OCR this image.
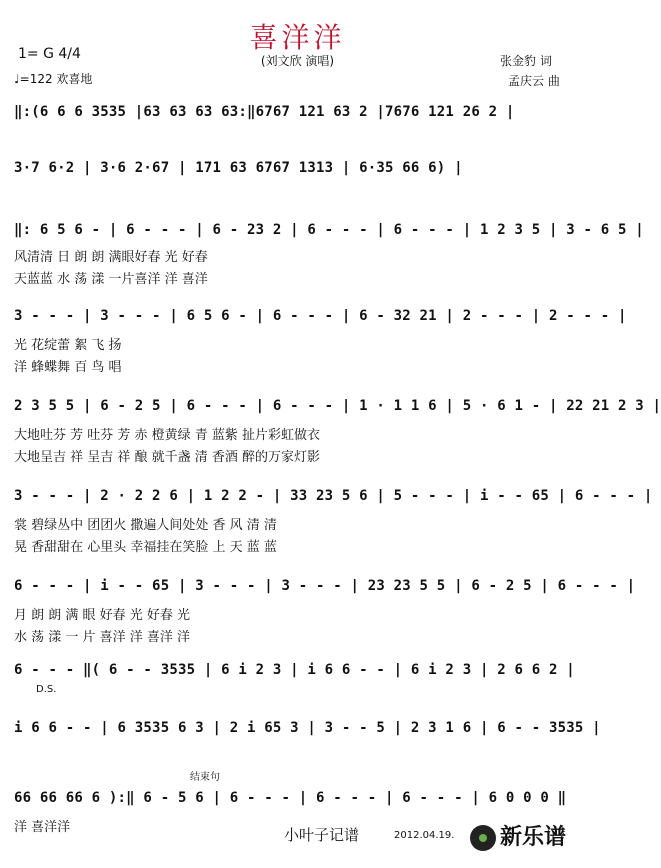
喜洋洋
(刘文欣 演唱)
1= G 4/4
♩=122 欢喜地
张金豹 词
孟庆云 曲
‖:(6 6 6 3535 |63 63 63 63:‖6767 121 63 2 |7676 121 26 2 |
3·7 6·2 | 3·6 2·67 | 171 63 6767 1313 | 6·35 66 6) |
‖: 6 5 6 - | 6 - - - | 6 - 23 2 | 6 - - - | 6 - - - | 1 2 3 5 | 3 - 6 5 |
3 - - - | 3 - - - | 6 5 6 - | 6 - - - | 6 - 32 21 | 2 - - - | 2 - - - |
2 3 5 5 | 6 - 2 5 | 6 - - - | 6 - - - | 1 · 1 1 6 | 5 · 6 1 - | 22 21 2 3 |
3 - - - | 2 · 2 2 6 | 1 2 2 - | 33 23 5 6 | 5 - - - | i - - 65 | 6 - - - |
6 - - - | i - - 65 | 3 - - - | 3 - - - | 23 23 5 5 | 6 - 2 5 | 6 - - - |
6 - - - ‖( 6 - - 3535 | 6 i 2 3 | i 6 6 - - | 6 i 2 3 | 2 6 6 2 |
i 6 6 - - | 6 3535 6 3 | 2 i 65 3 | 3 - - 5 | 2 3 1 6 | 6 - - 3535 |
66 66 66 6 ):‖ 6 - 5 6 | 6 - - - | 6 - - - | 6 - - - | 6 0 0 0 ‖
风清清 日 朗 朗 满眼好春 光 好春
天蓝蓝 水 荡 漾 一片喜洋 洋 喜洋
光 花绽蕾 絮 飞 扬
洋 蜂蝶舞 百 鸟 唱
大地吐芬 芳 吐芬 芳 赤 橙黄绿 青 蓝紫 扯片彩虹做衣
大地呈吉 祥 呈吉 祥 酿 就千盏 清 香酒 醉的万家灯影
裳 碧绿丛中 团团火 撒遍人间处处 香 风 清 清
晃 香甜甜在 心里头 幸福挂在笑脸 上 天 蓝 蓝
月 朗 朗 满 眼 好春 光 好春 光
水 荡 漾 一 片 喜洋 洋 喜洋 洋
洋 喜洋洋
D.S.
结束句
小叶子记谱	2012.04.19.	新乐谱
